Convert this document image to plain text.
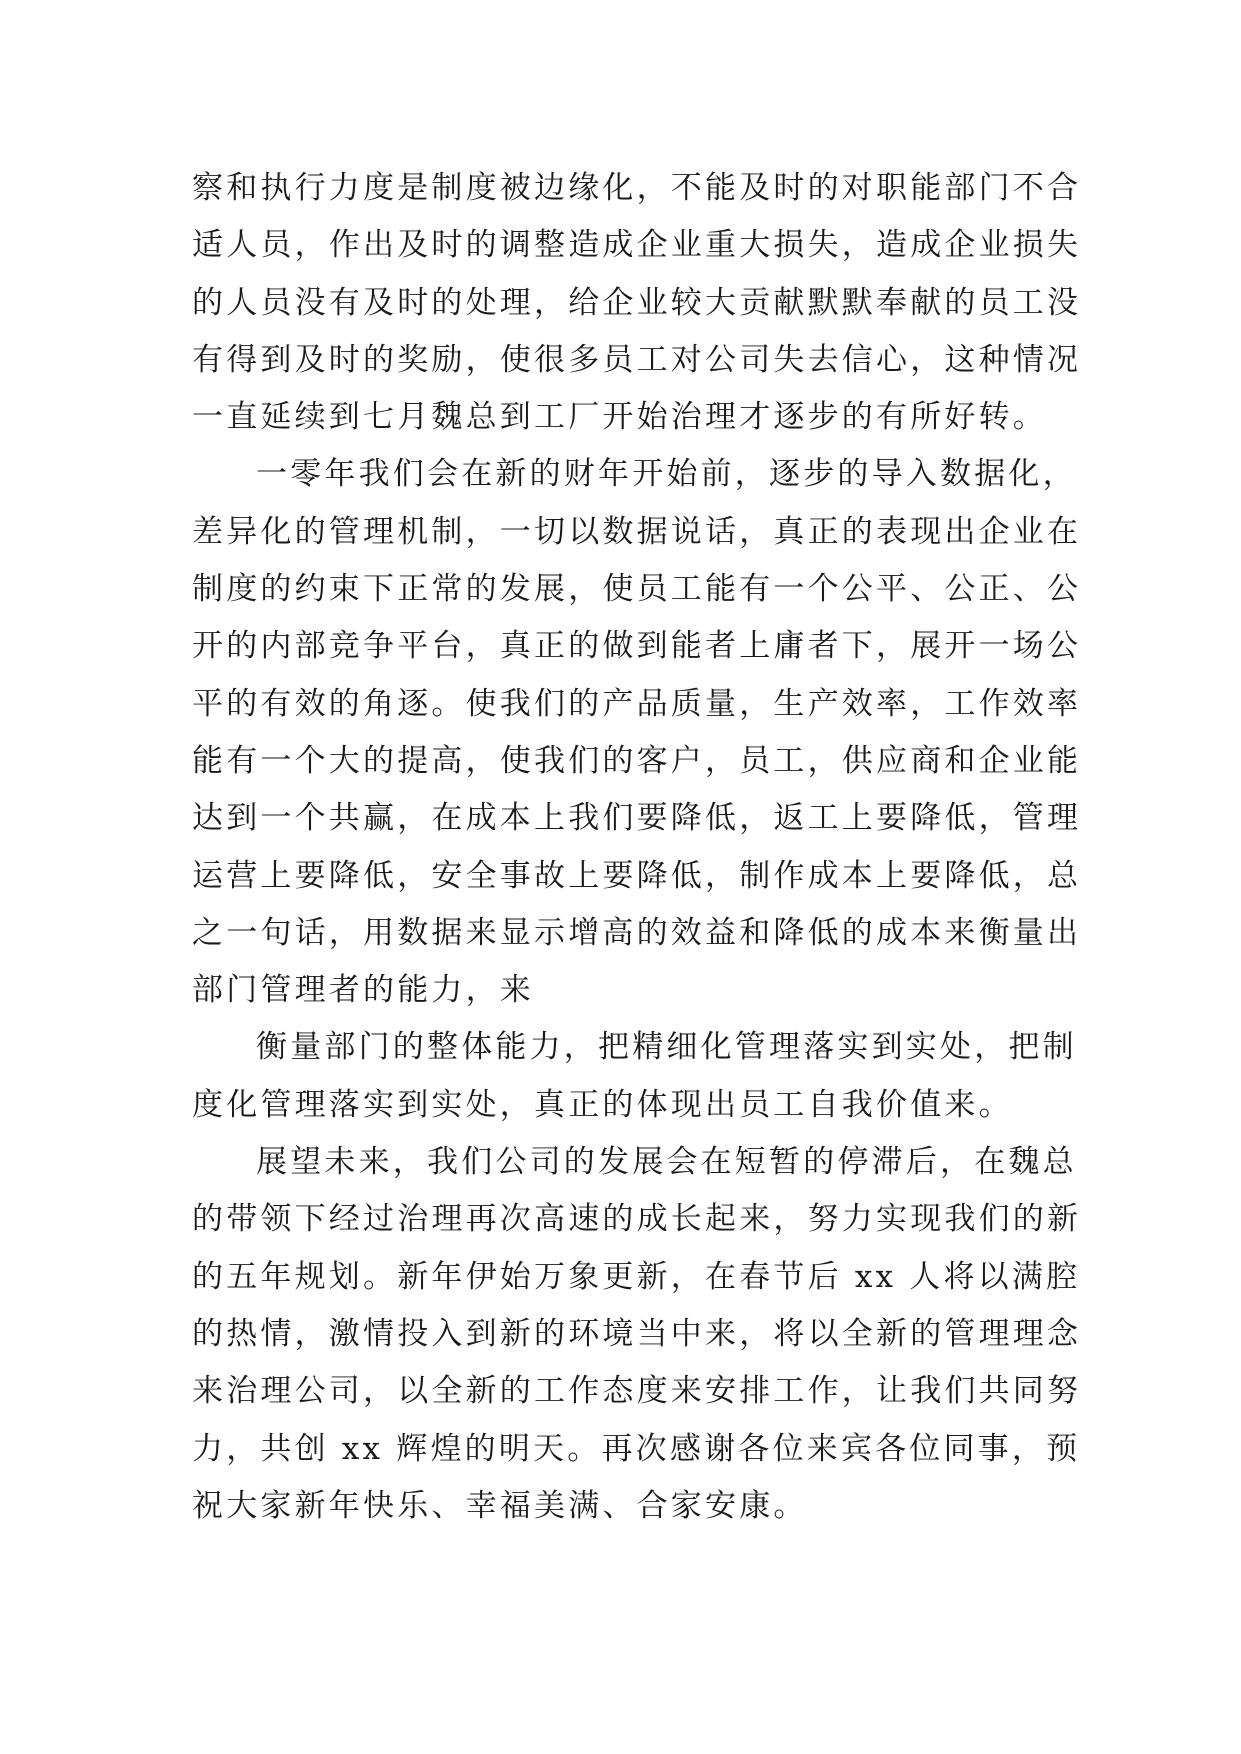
察和执行力度是制度被边缘化，不能及时的对职能部门不合

适人员，作出及时的调整造成企业重大损失，造成企业损失

的人员没有及时的处理，给企业较大贡献默默奉献的员工没

有得到及时的奖励，使很多员工对公司失去信心，这种情况

一直延续到七月魏总到工厂开始治理才逐步的有所好转。

一零年我们会在新的财年开始前，逐步的导入数据化，

差异化的管理机制，一切以数据说话，真正的表现出企业在

制度的约束下正常的发展，使员工能有一个公平、公正、公

开的内部竞争平台，真正的做到能者上庸者下，展开一场公

平的有效的角逐。使我们的产品质量，生产效率，工作效率

能有一个大的提高，使我们的客户，员工，供应商和企业能

达到一个共赢，在成本上我们要降低，返工上要降低，管理

运营上要降低，安全事故上要降低，制作成本上要降低，总

之一句话，用数据来显示增高的效益和降低的成本来衡量出

部门管理者的能力，来

衡量部门的整体能力，把精细化管理落实到实处，把制

度化管理落实到实处，真正的体现出员工自我价值来。

展望未来，我们公司的发展会在短暂的停滞后，在魏总

的带领下经过治理再次高速的成长起来，努力实现我们的新

的五年规划。新年伊始万象更新，在春节后 xx 人将以满腔

的热情，激情投入到新的环境当中来，将以全新的管理理念

来治理公司，以全新的工作态度来安排工作，让我们共同努

力，共创 xx 辉煌的明天。再次感谢各位来宾各位同事，预

祝大家新年快乐、幸福美满、合家安康。
